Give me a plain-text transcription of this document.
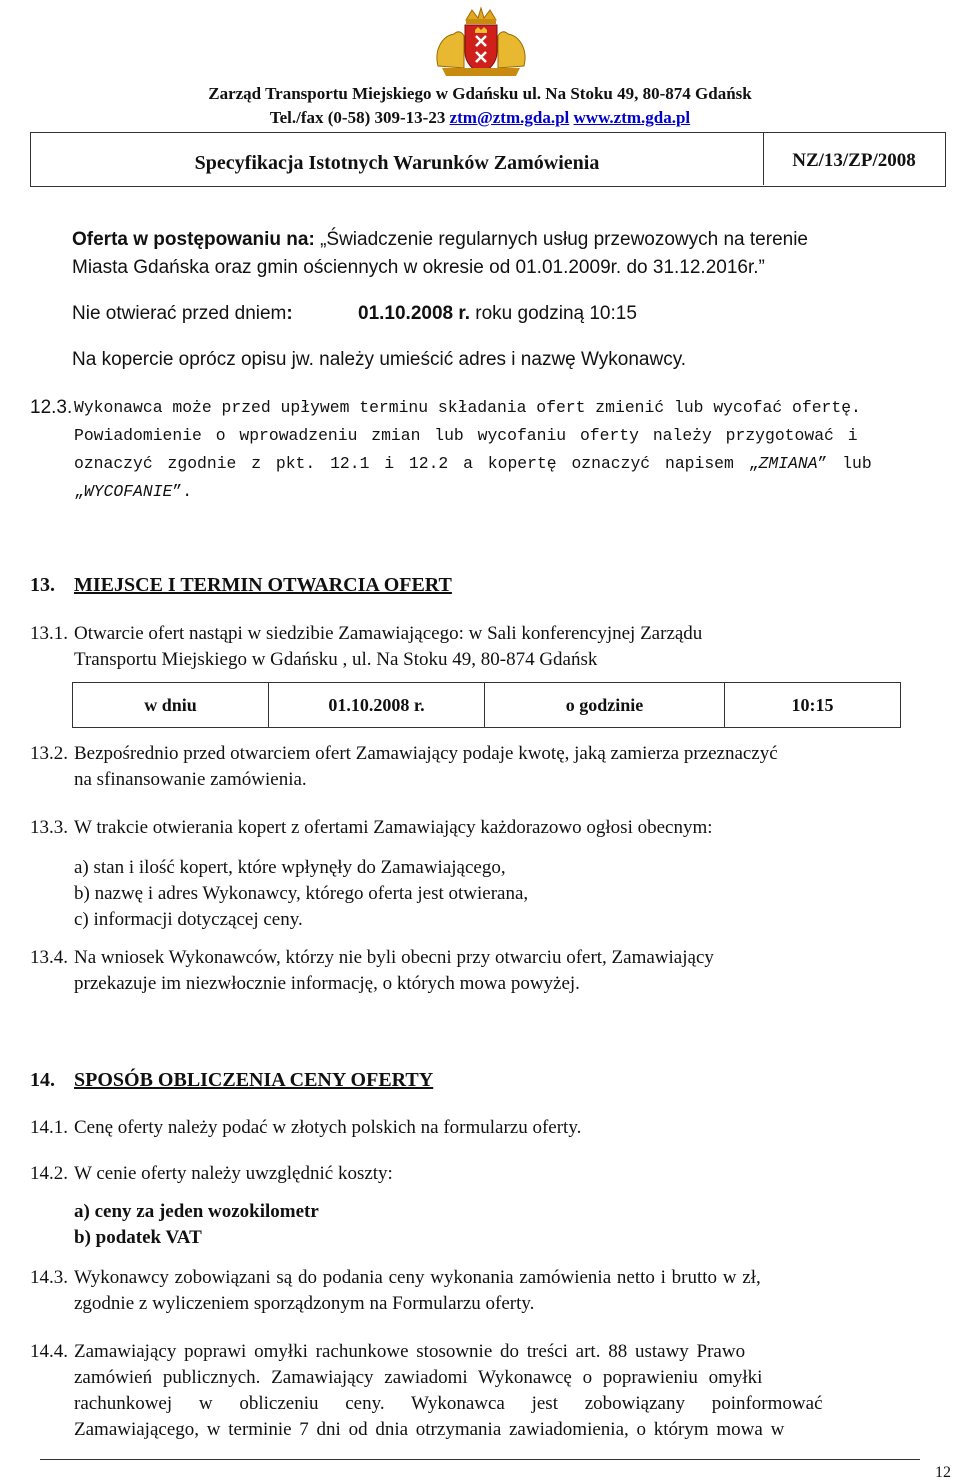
Zarząd Transportu Miejskiego w Gdańsku ul. Na Stoku 49, 80-874 Gdańsk
Tel./fax (0-58) 309-13-23 ztm@ztm.gda.pl www.ztm.gda.pl
Specyfikacja Istotnych Warunków Zamówienia	NZ/13/ZP/2008
Oferta w postępowaniu na: „Świadczenie regularnych usług przewozowych na terenie
Miasta Gdańska oraz gmin ościennych w okresie od 01.01.2009r. do 31.12.2016r.”
Nie otwierać przed dniem:	01.10.2008 r. roku godziną 10:15
Na kopercie oprócz opisu jw. należy umieścić adres i nazwę Wykonawcy.
12.3. Wykonawca może przed upływem terminu składania ofert zmienić lub wycofać ofertę.
Powiadomienie o wprowadzeniu zmian lub wycofaniu oferty należy przygotować i
oznaczyć zgodnie z pkt. 12.1 i 12.2 a kopertę oznaczyć napisem „ZMIANA” lub
„WYCOFANIE”.
13. MIEJSCE I TERMIN OTWARCIA OFERT
13.1. Otwarcie ofert nastąpi w siedzibie Zamawiającego: w Sali konferencyjnej Zarządu
Transportu Miejskiego w Gdańsku , ul. Na Stoku 49, 80-874 Gdańsk
w dniu	01.10.2008 r.	o godzinie	10:15
13.2. Bezpośrednio przed otwarciem ofert Zamawiający podaje kwotę, jaką zamierza przeznaczyć
na sfinansowanie zamówienia.
13.3. W trakcie otwierania kopert z ofertami Zamawiający każdorazowo ogłosi obecnym:
a) stan i ilość kopert, które wpłynęły do Zamawiającego,
b) nazwę i adres Wykonawcy, którego oferta jest otwierana,
c) informacji dotyczącej ceny.
13.4. Na wniosek Wykonawców, którzy nie byli obecni przy otwarciu ofert, Zamawiający
przekazuje im niezwłocznie informację, o których mowa powyżej.
14. SPOSÓB OBLICZENIA CENY OFERTY
14.1. Cenę oferty należy podać w złotych polskich na formularzu oferty.
14.2. W cenie oferty należy uwzględnić koszty:
a) ceny za jeden wozokilometr
b) podatek VAT
14.3. Wykonawcy zobowiązani są do podania ceny wykonania zamówienia netto i brutto w zł,
zgodnie z wyliczeniem sporządzonym na Formularzu oferty.
14.4. Zamawiający poprawi omyłki rachunkowe stosownie do treści art. 88 ustawy Prawo
zamówień publicznych. Zamawiający zawiadomi Wykonawcę o poprawieniu omyłki
rachunkowej w obliczeniu ceny. Wykonawca jest zobowiązany poinformować
Zamawiającego, w terminie 7 dni od dnia otrzymania zawiadomienia, o którym mowa w
12
